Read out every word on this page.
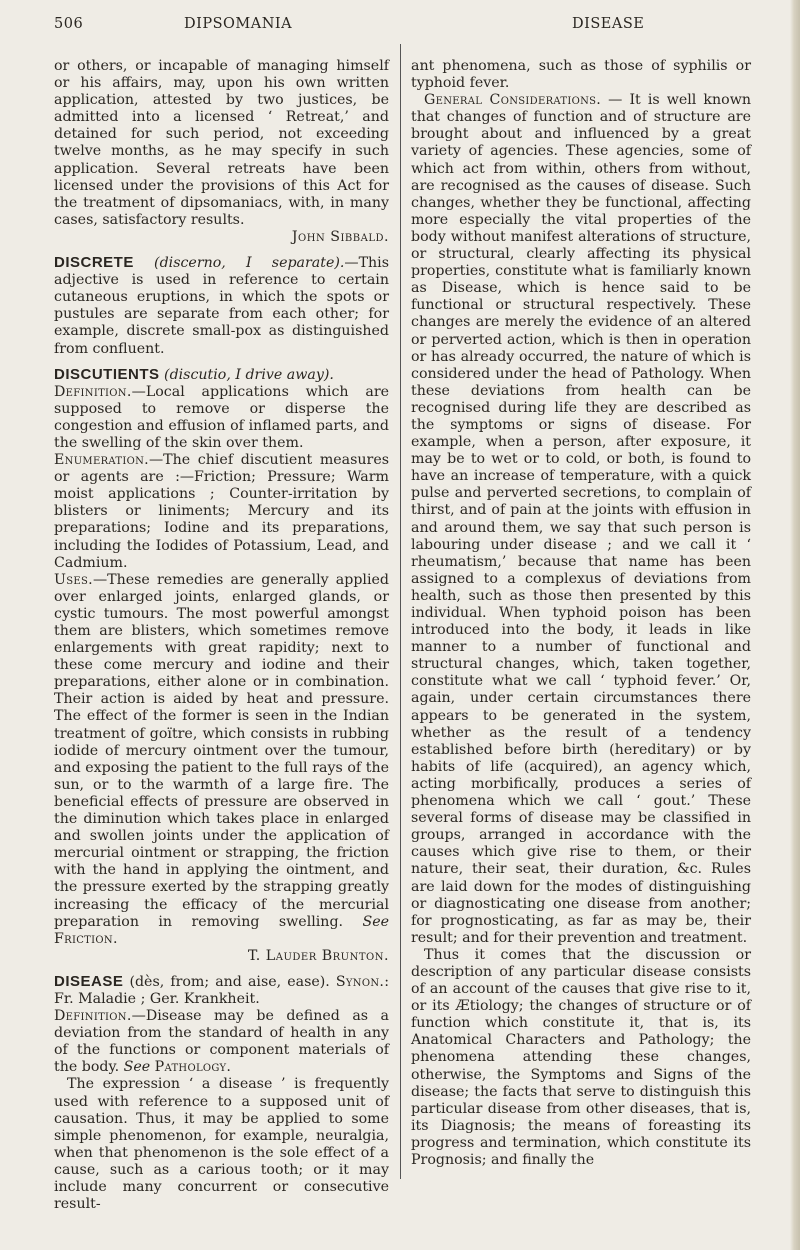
506	DIPSOMANIA	DISEASE

or others, or incapable of managing himself or his affairs, may, upon his own written application, attested by two justices, be admitted into a licensed ‘ Retreat,’ and detained for such period, not exceeding twelve months, as he may specify in such application. Several retreats have been licensed under the provisions of this Act for the treatment of dipsomaniacs, with, in many cases, satisfactory results.
John Sibbald.

DISCRETE (discerno, I separate).—This adjective is used in reference to certain cutaneous eruptions, in which the spots or pustules are separate from each other; for example, discrete small-pox as distinguished from confluent.

DISCUTIENTS (discutio, I drive away).

Definition.—Local applications which are supposed to remove or disperse the congestion and effusion of inflamed parts, and the swelling of the skin over them.

Enumeration.—The chief discutient measures or agents are :—Friction; Pressure; Warm moist applications ; Counter-irritation by blisters or liniments; Mercury and its preparations; Iodine and its preparations, including the Iodides of Potassium, Lead, and Cadmium.

Uses.—These remedies are generally applied over enlarged joints, enlarged glands, or cystic tumours. The most powerful amongst them are blisters, which sometimes remove enlargements with great rapidity; next to these come mercury and iodine and their preparations, either alone or in combination. Their action is aided by heat and pressure. The effect of the former is seen in the Indian treatment of goïtre, which consists in rubbing iodide of mercury ointment over the tumour, and exposing the patient to the full rays of the sun, or to the warmth of a large fire. The beneficial effects of pressure are observed in the diminution which takes place in enlarged and swollen joints under the application of mercurial ointment or strapping, the friction with the hand in applying the ointment, and the pressure exerted by the strapping greatly increasing the efficacy of the mercurial preparation in removing swelling. See Friction.
T. Lauder Brunton.

DISEASE (dès, from; and aise, ease). Synon.: Fr. Maladie ; Ger. Krankheit.

Definition.—Disease may be defined as a deviation from the standard of health in any of the functions or component materials of the body. See Pathology.

The expression ‘ a disease ’ is frequently used with reference to a supposed unit of causation. Thus, it may be applied to some simple phenomenon, for example, neuralgia, when that phenomenon is the sole effect of a cause, such as a carious tooth; or it may include many concurrent or consecutive result-

ant phenomena, such as those of syphilis or typhoid fever.

General Considerations. — It is well known that changes of function and of structure are brought about and influenced by a great variety of agencies. These agencies, some of which act from within, others from without, are recognised as the causes of disease. Such changes, whether they be functional, affecting more especially the vital properties of the body without manifest alterations of structure, or structural, clearly affecting its physical properties, constitute what is familiarly known as Disease, which is hence said to be functional or structural respectively. These changes are merely the evidence of an altered or perverted action, which is then in operation or has already occurred, the nature of which is considered under the head of Pathology. When these deviations from health can be recognised during life they are described as the symptoms or signs of disease. For example, when a person, after exposure, it may be to wet or to cold, or both, is found to have an increase of temperature, with a quick pulse and perverted secretions, to complain of thirst, and of pain at the joints with effusion in and around them, we say that such person is labouring under disease ; and we call it ‘ rheumatism,’ because that name has been assigned to a complexus of deviations from health, such as those then presented by this individual. When typhoid poison has been introduced into the body, it leads in like manner to a number of functional and structural changes, which, taken together, constitute what we call ‘ typhoid fever.’ Or, again, under certain circumstances there appears to be generated in the system, whether as the result of a tendency established before birth (hereditary) or by habits of life (acquired), an agency which, acting morbifically, produces a series of phenomena which we call ‘ gout.’ These several forms of disease may be classified in groups, arranged in accordance with the causes which give rise to them, or their nature, their seat, their duration, &c. Rules are laid down for the modes of distinguishing or diagnosticating one disease from another; for prognosticating, as far as may be, their result; and for their prevention and treatment.

Thus it comes that the discussion or description of any particular disease consists of an account of the causes that give rise to it, or its Ætiology; the changes of structure or of function which constitute it, that is, its Anatomical Characters and Pathology; the phenomena attending these changes, otherwise, the Symptoms and Signs of the disease; the facts that serve to distinguish this particular disease from other diseases, that is, its Diagnosis; the means of foreasting its progress and termination, which constitute its Prognosis; and finally the
